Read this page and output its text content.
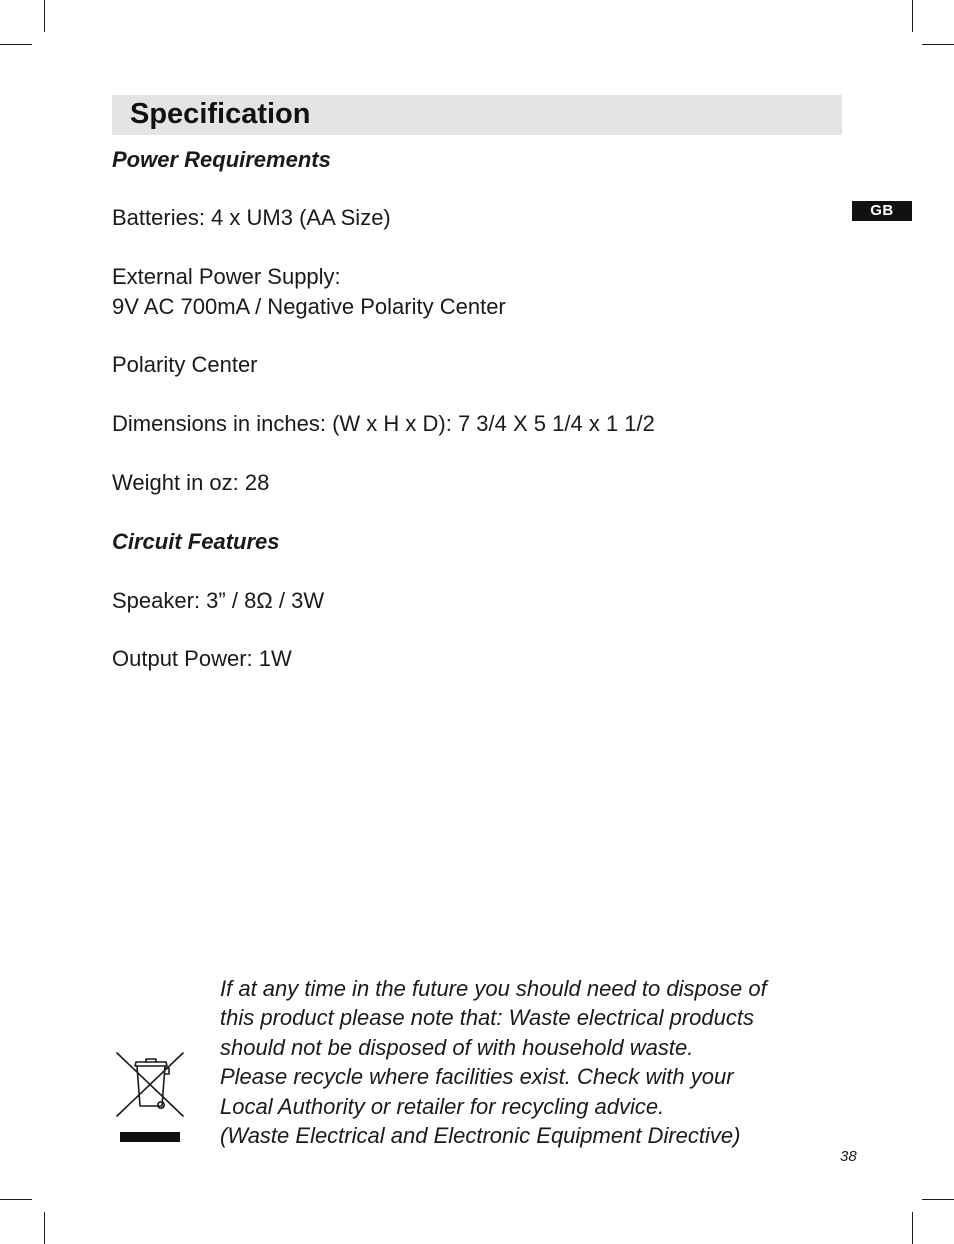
Specification
GB
Power Requirements
Batteries: 4 x UM3 (AA Size)
External Power Supply:
9V AC 700mA / Negative Polarity Center
Polarity Center
Dimensions in inches: (W x H x D): 7 3/4 X 5 1/4 x 1 1/2
Weight in oz: 28
Circuit Features
Speaker: 3” / 8Ω / 3W
Output Power: 1W
If at any time in the future you should need to dispose of
this product please note that: Waste electrical products
should not be disposed of with household waste.
Please recycle where facilities exist. Check with your
Local Authority or retailer for recycling advice.
(Waste Electrical and Electronic Equipment Directive)
38
